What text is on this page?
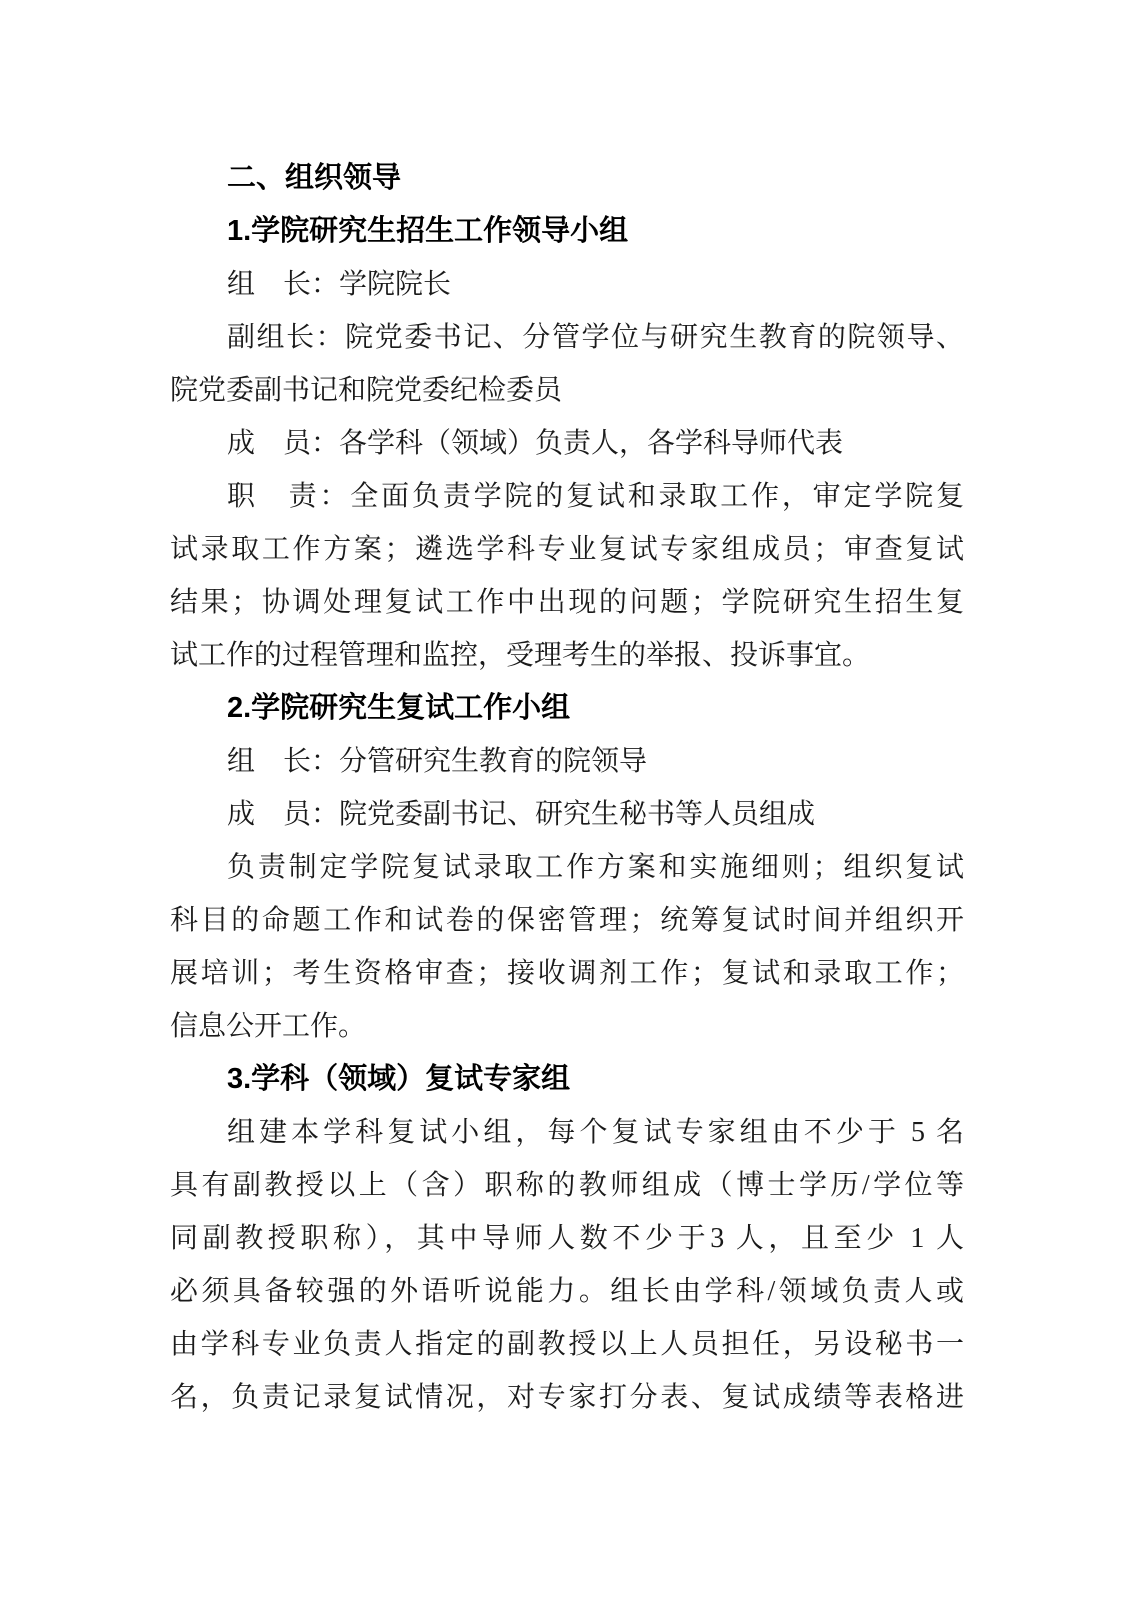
二、组织领导
1.学院研究生招生工作领导小组
组　长：学院院长
副组长：院党委书记、分管学位与研究生教育的院领导、
院党委副书记和院党委纪检委员
成　员：各学科（领域）负责人，各学科导师代表
职　责：全面负责学院的复试和录取工作，审定学院复
试录取工作方案；遴选学科专业复试专家组成员；审查复试
结果；协调处理复试工作中出现的问题；学院研究生招生复
试工作的过程管理和监控，受理考生的举报、投诉事宜。
2.学院研究生复试工作小组
组　长：分管研究生教育的院领导
成　员：院党委副书记、研究生秘书等人员组成
负责制定学院复试录取工作方案和实施细则；组织复试
科目的命题工作和试卷的保密管理；统筹复试时间并组织开
展培训；考生资格审查；接收调剂工作；复试和录取工作；
信息公开工作。
3.学科（领域）复试专家组
组建本学科复试小组，每个复试专家组由不少于 5 名
具有副教授以上（含）职称的教师组成（博士学历/学位等
同副教授职称），其中导师人数不少于3 人，且至少 1 人
必须具备较强的外语听说能力。组长由学科/领域负责人或
由学科专业负责人指定的副教授以上人员担任，另设秘书一
名，负责记录复试情况，对专家打分表、复试成绩等表格进
